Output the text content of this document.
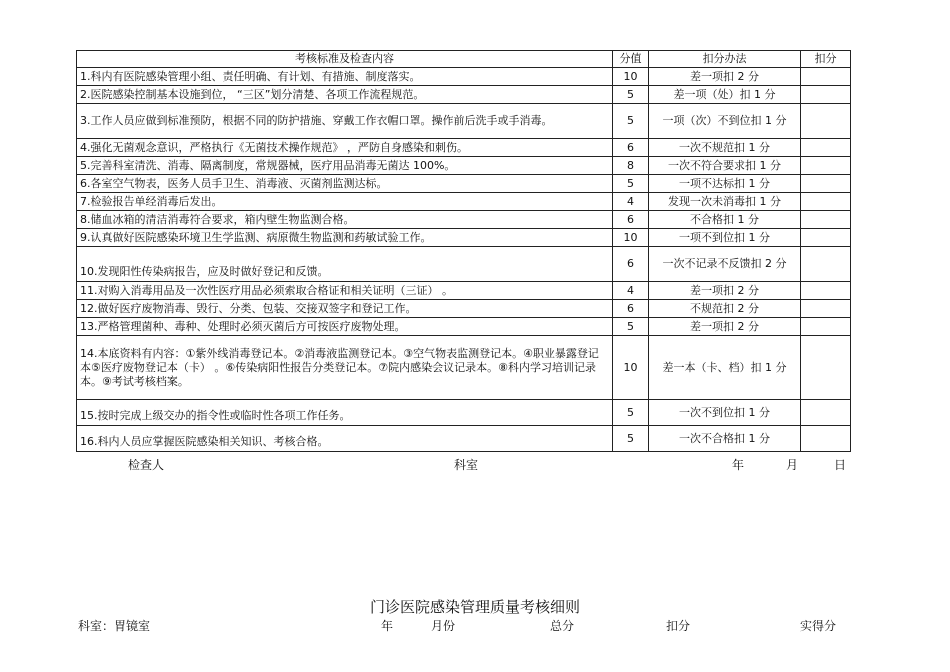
考核标准及检查内容	分值	扣分办法	扣分
1.科内有医院感染管理小组、责任明确、有计划、有措施、制度落实。	10	差一项扣 2 分	
2.医院感染控制基本设施到位， “三区”划分清楚、各项工作流程规范。	5	差一项（处）扣 1 分	
3.工作人员应做到标准预防，根据不同的防护措施、穿戴工作衣帽口罩。操作前后洗手或手消毒。	5	一项（次）不到位扣 1 分	
4.强化无菌观念意识，严格执行《无菌技术操作规范》 ，严防自身感染和刺伤。	6	一次不规范扣 1 分	
5.完善科室清洗、消毒、隔离制度，常规器械，医疗用品消毒无菌达 100%。	8	一次不符合要求扣 1 分	
6.各室空气物表，医务人员手卫生、消毒液、灭菌剂监测达标。	5	一项不达标扣 1 分	
7.检验报告单经消毒后发出。	4	发现一次未消毒扣 1 分	
8.储血冰箱的清洁消毒符合要求，箱内壁生物监测合格。	6	不合格扣 1 分	
9.认真做好医院感染环境卫生学监测、病原微生物监测和药敏试验工作。	10	一项不到位扣 1 分	
10.发现阳性传染病报告，应及时做好登记和反馈。	6	一次不记录不反馈扣 2 分	
11.对购入消毒用品及一次性医疗用品必须索取合格证和相关证明（三证） 。	4	差一项扣 2 分	
12.做好医疗废物消毒、毁行、分类、包装、交接双签字和登记工作。	6	不规范扣 2 分	
13.严格管理菌种、毒种、处理时必须灭菌后方可按医疗废物处理。	5	差一项扣 2 分	
14.本底资料有内容：①紫外线消毒登记本。②消毒液监测登记本。③空气物表监测登记本。④职业暴露登记本⑤医疗废物登记本（卡） 。⑥传染病阳性报告分类登记本。⑦院内感染会议记录本。⑧科内学习培训记录本。⑨考试考核档案。	10	差一本（卡、档）扣 1 分	
15.按时完成上级交办的指令性或临时性各项工作任务。	5	一次不到位扣 1 分	
16.科内人员应掌握医院感染相关知识、考核合格。	5	一次不合格扣 1 分	
检查人	科室	年	月	日
门诊医院感染管理质量考核细则
科室：胃镜室	年	月份	总分	扣分	实得分
